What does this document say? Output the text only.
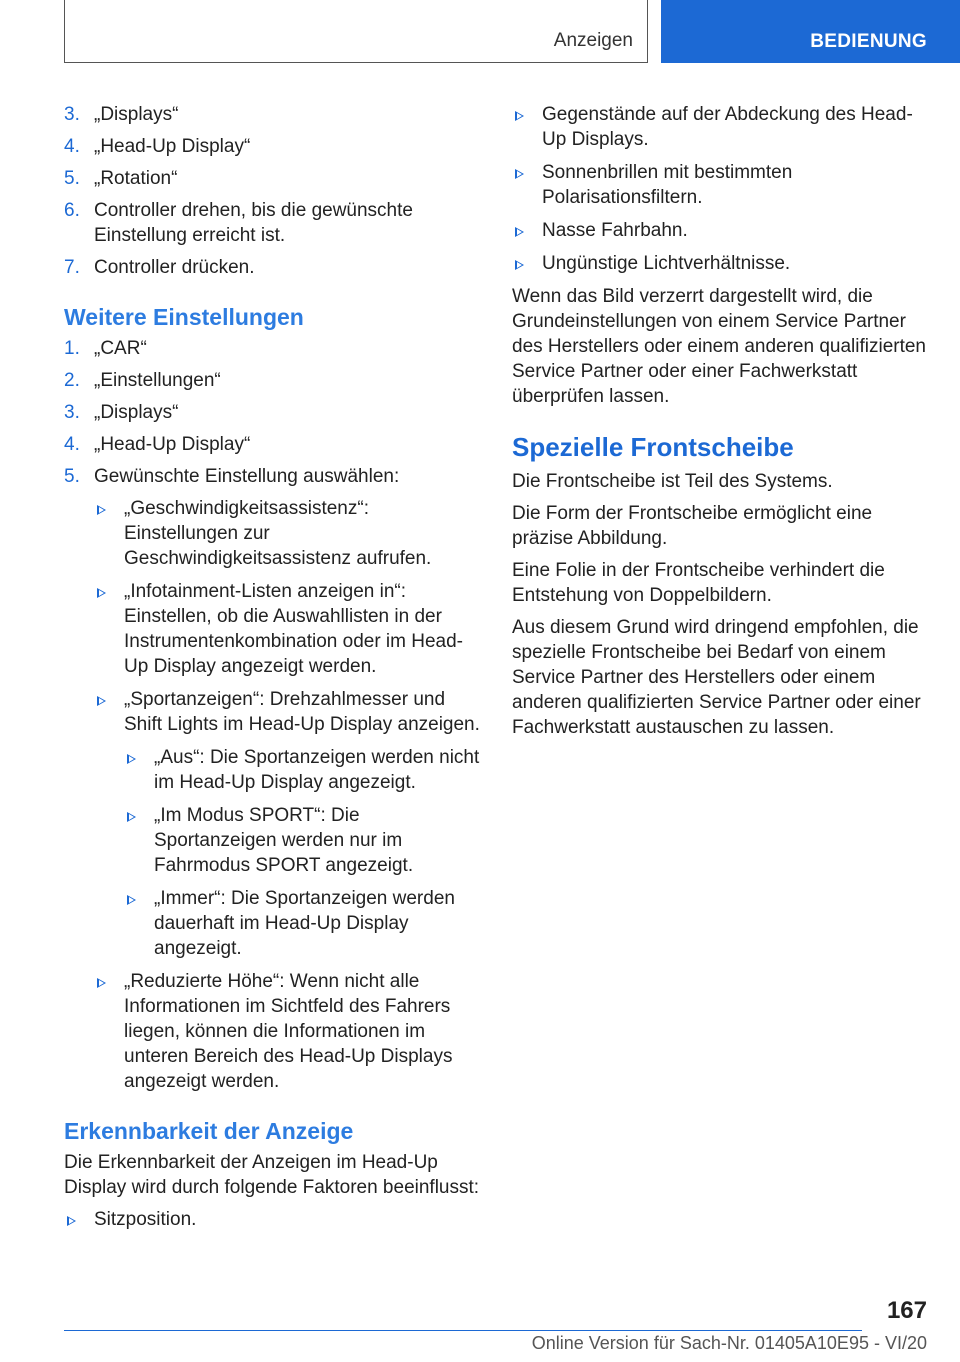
Anzeigen	BEDIENUNG
3. „Displays“
4. „Head-Up Display“
5. „Rotation“
6. Controller drehen, bis die gewünschte Einstellung erreicht ist.
7. Controller drücken.
Weitere Einstellungen
1. „CAR“
2. „Einstellungen“
3. „Displays“
4. „Head-Up Display“
5. Gewünschte Einstellung auswählen:
„Geschwindigkeitsassistenz“: Einstellungen zur Geschwindigkeitsassistenz aufrufen.
„Infotainment-Listen anzeigen in“: Einstellen, ob die Auswahllisten in der Instrumentenkombination oder im Head-Up Display angezeigt werden.
„Sportanzeigen“: Drehzahlmesser und Shift Lights im Head-Up Display anzeigen.
„Aus“: Die Sportanzeigen werden nicht im Head-Up Display angezeigt.
„Im Modus SPORT“: Die Sportanzeigen werden nur im Fahrmodus SPORT angezeigt.
„Immer“: Die Sportanzeigen werden dauerhaft im Head-Up Display angezeigt.
„Reduzierte Höhe“: Wenn nicht alle Informationen im Sichtfeld des Fahrers liegen, können die Informationen im unteren Bereich des Head-Up Displays angezeigt werden.
Erkennbarkeit der Anzeige
Die Erkennbarkeit der Anzeigen im Head-Up Display wird durch folgende Faktoren beeinflusst:
Sitzposition.
Gegenstände auf der Abdeckung des Head-Up Displays.
Sonnenbrillen mit bestimmten Polarisationsfiltern.
Nasse Fahrbahn.
Ungünstige Lichtverhältnisse.
Wenn das Bild verzerrt dargestellt wird, die Grundeinstellungen von einem Service Partner des Herstellers oder einem anderen qualifizierten Service Partner oder einer Fachwerkstatt überprüfen lassen.
Spezielle Frontscheibe
Die Frontscheibe ist Teil des Systems.
Die Form der Frontscheibe ermöglicht eine präzise Abbildung.
Eine Folie in der Frontscheibe verhindert die Entstehung von Doppelbildern.
Aus diesem Grund wird dringend empfohlen, die spezielle Frontscheibe bei Bedarf von einem Service Partner des Herstellers oder einem anderen qualifizierten Service Partner oder einer Fachwerkstatt austauschen zu lassen.
167
Online Version für Sach-Nr. 01405A10E95 - VI/20
